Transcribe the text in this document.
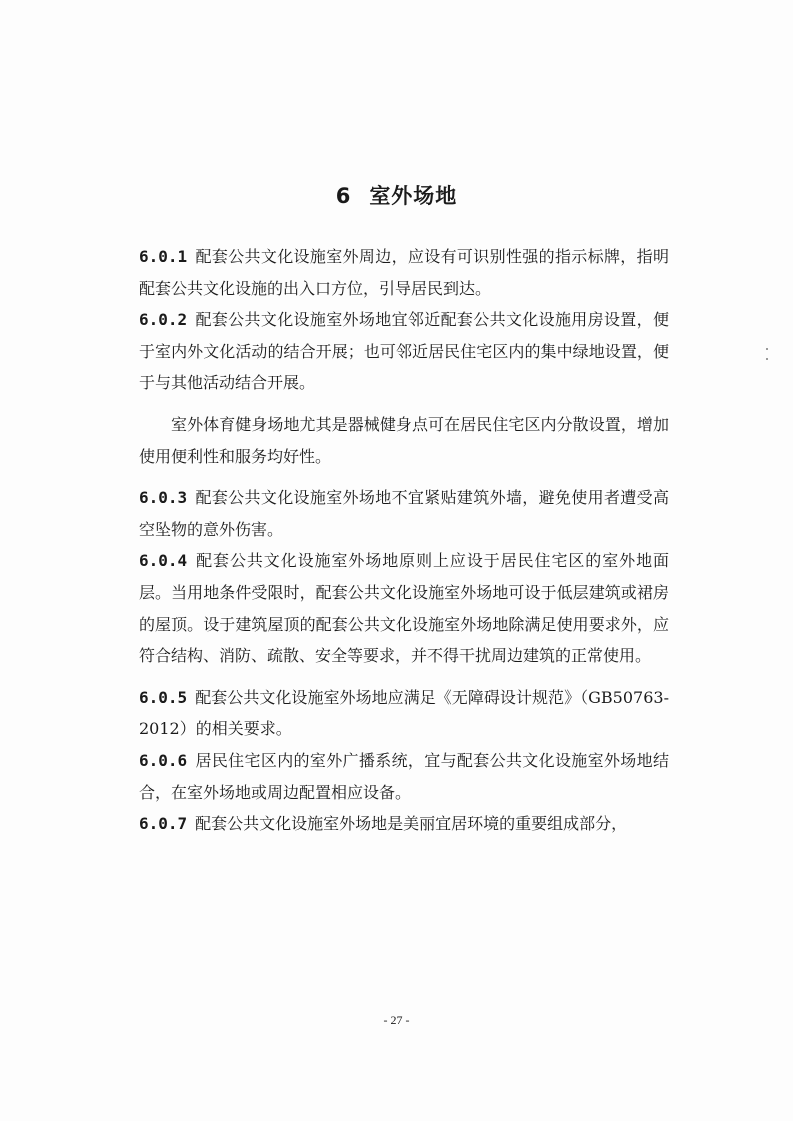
6 室外场地

6.0.1 配套公共文化设施室外周边，应设有可识别性强的指示标牌，指明配套公共文化设施的出入口方位，引导居民到达。

6.0.2 配套公共文化设施室外场地宜邻近配套公共文化设施用房设置，便于室内外文化活动的结合开展；也可邻近居民住宅区内的集中绿地设置，便于与其他活动结合开展。

室外体育健身场地尤其是器械健身点可在居民住宅区内分散设置，增加使用便利性和服务均好性。

6.0.3 配套公共文化设施室外场地不宜紧贴建筑外墙，避免使用者遭受高空坠物的意外伤害。

6.0.4 配套公共文化设施室外场地原则上应设于居民住宅区的室外地面层。当用地条件受限时，配套公共文化设施室外场地可设于低层建筑或裙房的屋顶。设于建筑屋顶的配套公共文化设施室外场地除满足使用要求外，应符合结构、消防、疏散、安全等要求，并不得干扰周边建筑的正常使用。

6.0.5 配套公共文化设施室外场地应满足《无障碍设计规范》（GB50763-2012）的相关要求。

6.0.6 居民住宅区内的室外广播系统，宜与配套公共文化设施室外场地结合，在室外场地或周边配置相应设备。

6.0.7 配套公共文化设施室外场地是美丽宜居环境的重要组成部分，

- 27 -
